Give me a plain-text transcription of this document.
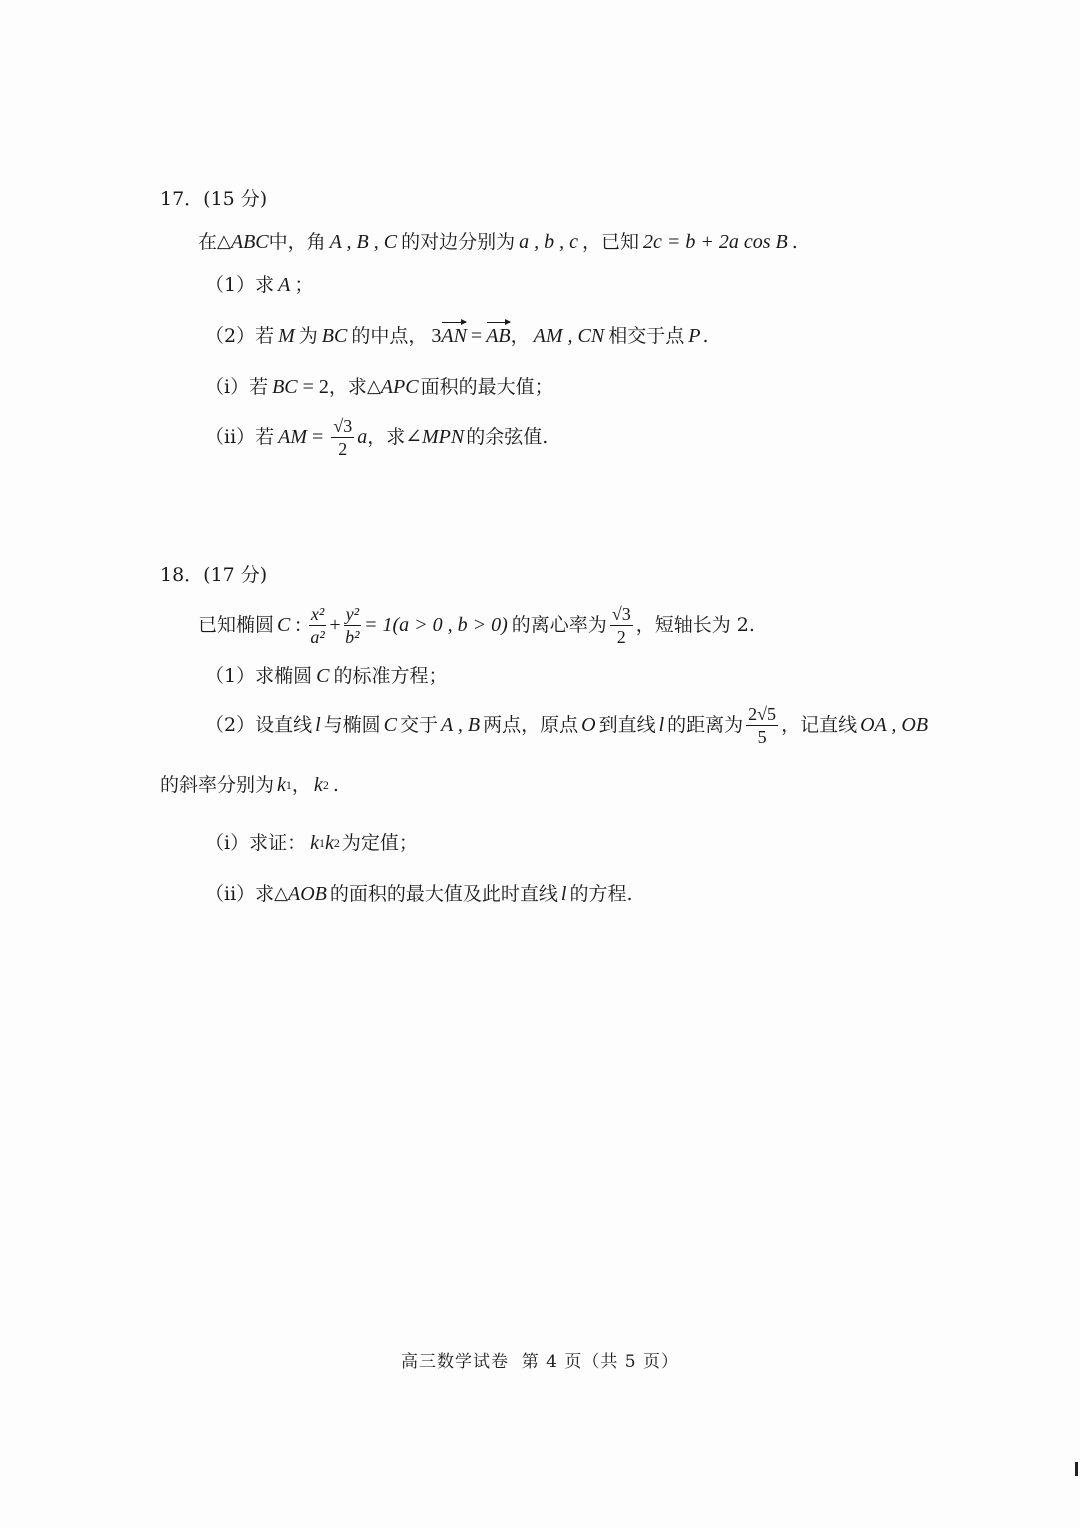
17．(15 分)
在 △ ABC 中，角 A , B , C 的对边分别为 a , b , c ，已知 2c = b + 2a cos B .
（1）求 A ；
（2）若 M 为 BC 的中点， 3 AN = AB ， AM , CN 相交于点 P .
（i）若 BC = 2 ，求 △ APC 面积的最大值；
（ii）若 AM = $\frac{√3}{2}$ a ，求 ∠ MPN 的余弦值.
18．(17 分)
已知椭圆 C : $\frac{\text{x²}}{\text{a²}} + \frac{\text{y²}}{\text{b²}} = 1(a > 0$ , b > 0) 的离心率为 $\frac{√3}{2}$ ，短轴长为 2.
（1）求椭圆 C 的标准方程；
（2）设直线 l 与椭圆 C 交于 A , B 两点，原点 O 到直线 l 的距离为 $\frac{2√5}{5}$ ，记直线 OA , OB
的斜率分别为 k 1 ， k 2 .
（i）求证： k 1 k 2 为定值；
（ii）求 △ AOB 的面积的最大值及此时直线 l 的方程.
高三数学试卷  第 4 页（共 5 页）
